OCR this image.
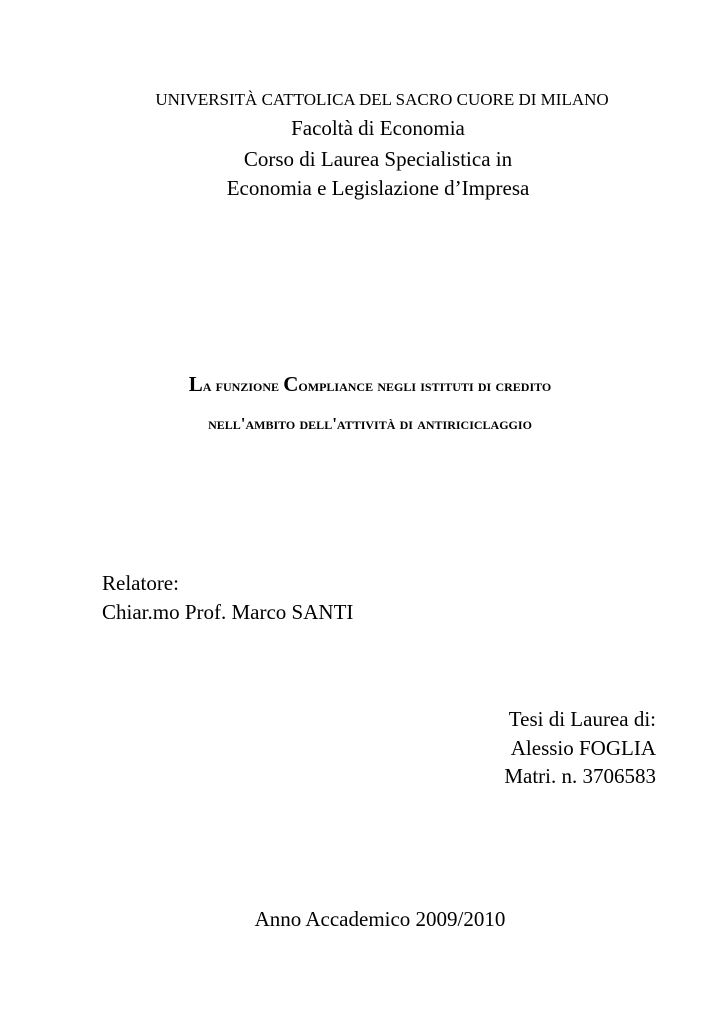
UNIVERSITÀ CATTOLICA DEL SACRO CUORE DI MILANO
Facoltà di Economia
Corso di Laurea Specialistica in
Economia e Legislazione d’Impresa
La funzione Compliance negli istituti di credito
nell'ambito dell'attività di antiriciclaggio
Relatore:
Chiar.mo Prof. Marco SANTI
Tesi di Laurea di:
Alessio FOGLIA
Matri. n. 3706583
Anno Accademico 2009/2010
